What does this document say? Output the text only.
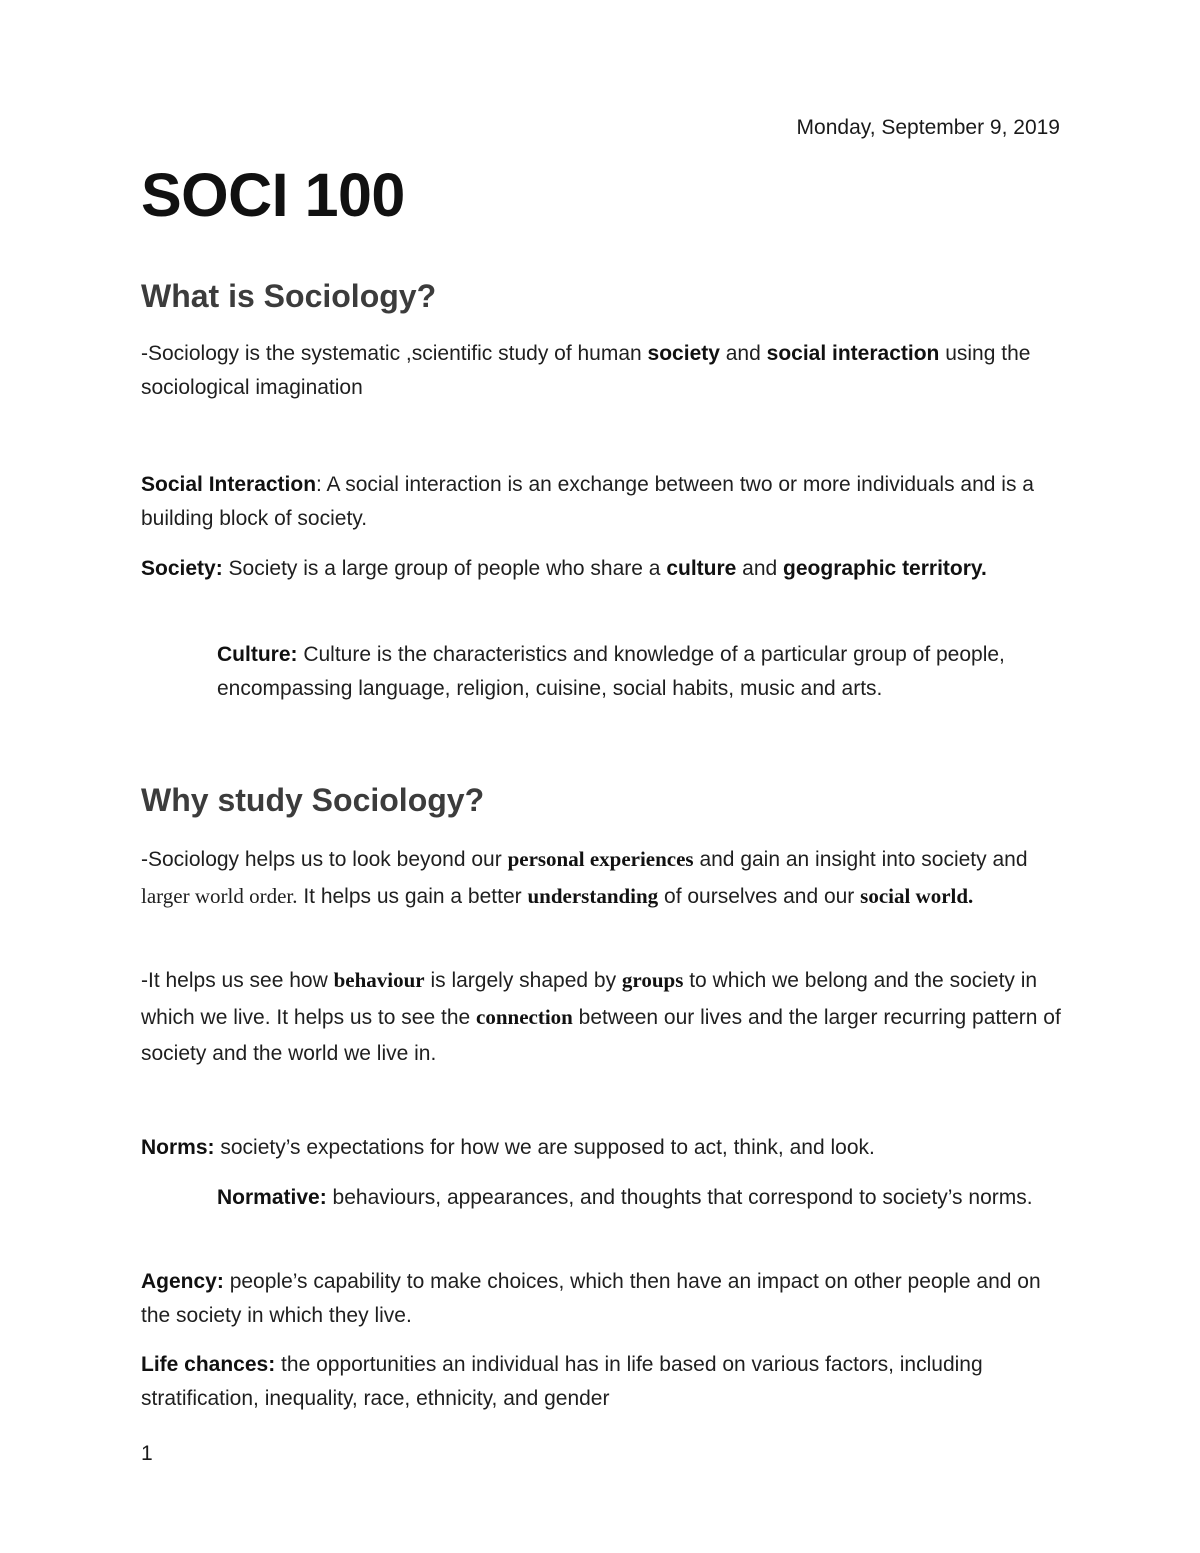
Monday, September 9, 2019
SOCI 100
What is Sociology?
-Sociology is the systematic ,scientific study of human society and social interaction using the sociological imagination
Social Interaction: A social interaction is an exchange between two or more individuals and is a building block of society.
Society: Society is a large group of people who share a culture and geographic territory.
Culture: Culture is the characteristics and knowledge of a particular group of people, encompassing language, religion, cuisine, social habits, music and arts.
Why study Sociology?
-Sociology helps us to look beyond our personal experiences and gain an insight into society and larger world order. It helps us gain a better understanding of ourselves and our social world.
-It helps us see how behaviour is largely shaped by groups to which we belong and the society in which we live. It helps us to see the connection between our lives and the larger recurring pattern of society and the world we live in.
Norms: society’s expectations for how we are supposed to act, think, and look.
Normative: behaviours, appearances, and thoughts that correspond to society’s norms.
Agency: people’s capability to make choices, which then have an impact on other people and on the society in which they live.
Life chances: the opportunities an individual has in life based on various factors, including stratification, inequality, race, ethnicity, and gender
1
